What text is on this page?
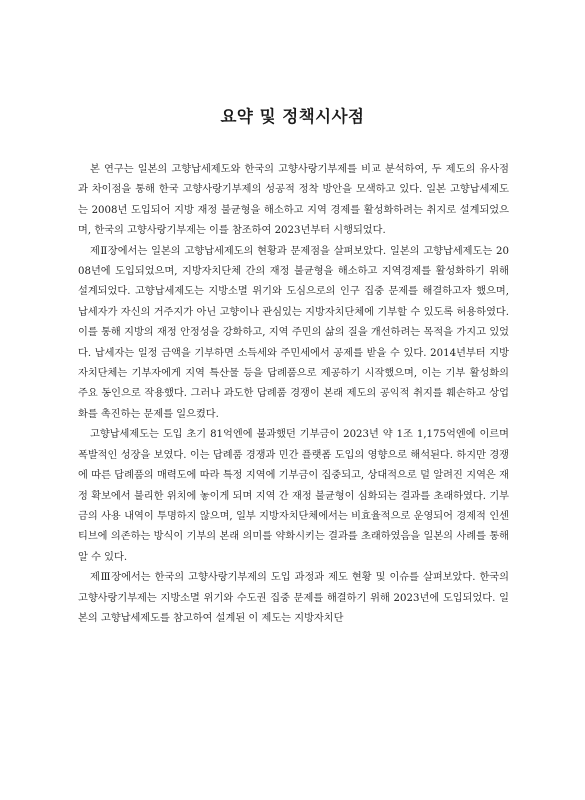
요약 및 정책시사점

본 연구는 일본의 고향납세제도와 한국의 고향사랑기부제를 비교 분석하여, 두 제도의 유사점과 차이점을 통해 한국 고향사랑기부제의 성공적 정착 방안을 모색하고 있다. 일본 고향납세제도는 2008년 도입되어 지방 재정 불균형을 해소하고 지역 경제를 활성화하려는 취지로 설계되었으며, 한국의 고향사랑기부제는 이를 참조하여 2023년부터 시행되었다.

제Ⅱ장에서는 일본의 고향납세제도의 현황과 문제점을 살펴보았다. 일본의 고향납세제도는 2008년에 도입되었으며, 지방자치단체 간의 재정 불균형을 해소하고 지역경제를 활성화하기 위해 설계되었다. 고향납세제도는 지방소멸 위기와 도심으로의 인구 집중 문제를 해결하고자 했으며, 납세자가 자신의 거주지가 아닌 고향이나 관심있는 지방자치단체에 기부할 수 있도록 허용하였다. 이를 통해 지방의 재정 안정성을 강화하고, 지역 주민의 삶의 질을 개선하려는 목적을 가지고 있었다. 납세자는 일정 금액을 기부하면 소득세와 주민세에서 공제를 받을 수 있다. 2014년부터 지방자치단체는 기부자에게 지역 특산물 등을 답례품으로 제공하기 시작했으며, 이는 기부 활성화의 주요 동인으로 작용했다. 그러나 과도한 답례품 경쟁이 본래 제도의 공익적 취지를 훼손하고 상업화를 촉진하는 문제를 일으켰다.

고향납세제도는 도입 초기 81억엔에 불과했던 기부금이 2023년 약 1조 1,175억엔에 이르며 폭발적인 성장을 보였다. 이는 답례품 경쟁과 민간 플랫폼 도입의 영향으로 해석된다. 하지만 경쟁에 따른 답례품의 매력도에 따라 특정 지역에 기부금이 집중되고, 상대적으로 덜 알려진 지역은 재정 확보에서 불리한 위치에 놓이게 되며 지역 간 재정 불균형이 심화되는 결과를 초래하였다. 기부금의 사용 내역이 투명하지 않으며, 일부 지방자치단체에서는 비효율적으로 운영되어 경제적 인센티브에 의존하는 방식이 기부의 본래 의미를 약화시키는 결과를 초래하였음을 일본의 사례를 통해 알 수 있다.

제Ⅲ장에서는 한국의 고향사랑기부제의 도입 과정과 제도 현황 및 이슈를 살펴보았다. 한국의 고향사랑기부제는 지방소멸 위기와 수도권 집중 문제를 해결하기 위해 2023년에 도입되었다. 일본의 고향납세제도를 참고하여 설계된 이 제도는 지방자치단
